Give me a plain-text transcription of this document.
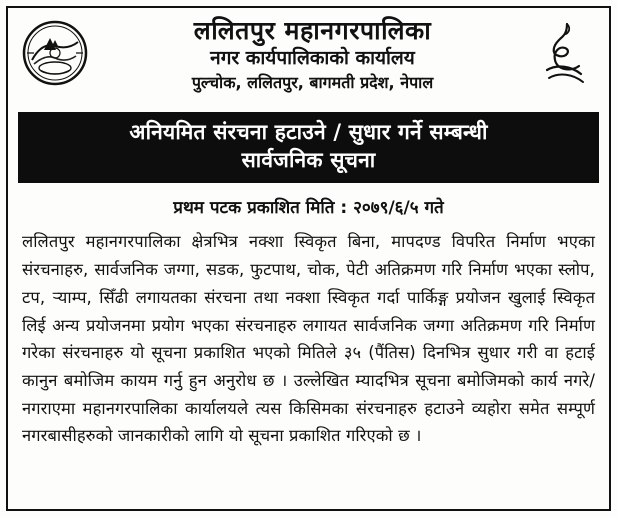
ललितपुर महानगरपालिका
नगर कार्यपालिकाको कार्यालय
पुल्चोक, ललितपुर, बागमती प्रदेश, नेपाल
अनियमित संरचना हटाउने / सुधार गर्ने सम्बन्धी
सार्वजनिक सूचना
प्रथम पटक प्रकाशित मिति : २०७९/६/५ गते

ललितपुर महानगरपालिका क्षेत्रभित्र नक्शा स्विकृत बिना, मापदण्ड विपरित निर्माण भएका संरचनाहरु, सार्वजनिक जग्गा, सडक, फुटपाथ, चोक, पेटी अतिक्रमण गरि निर्माण भएका स्लोप, टप, र्‍याम्प, सिँढी लगायतका संरचना तथा नक्शा स्विकृत गर्दा पार्किङ्ग प्रयोजन खुलाई स्विकृत लिई अन्य प्रयोजनमा प्रयोग भएका संरचनाहरु लगायत सार्वजनिक जग्गा अतिक्रमण गरि निर्माण गरेका संरचनाहरु यो सूचना प्रकाशित भएको मितिले ३५ (पैंतिस) दिनभित्र सुधार गरी वा हटाई कानुन बमोजिम कायम गर्नु हुन अनुरोध छ । उल्लेखित म्यादभित्र सूचना बमोजिमको कार्य नगरे/नगराएमा महानगरपालिका कार्यालयले त्यस किसिमका संरचनाहरु हटाउने व्यहोरा समेत सम्पूर्ण नगरबासीहरुको जानकारीको लागि यो सूचना प्रकाशित गरिएको छ ।
